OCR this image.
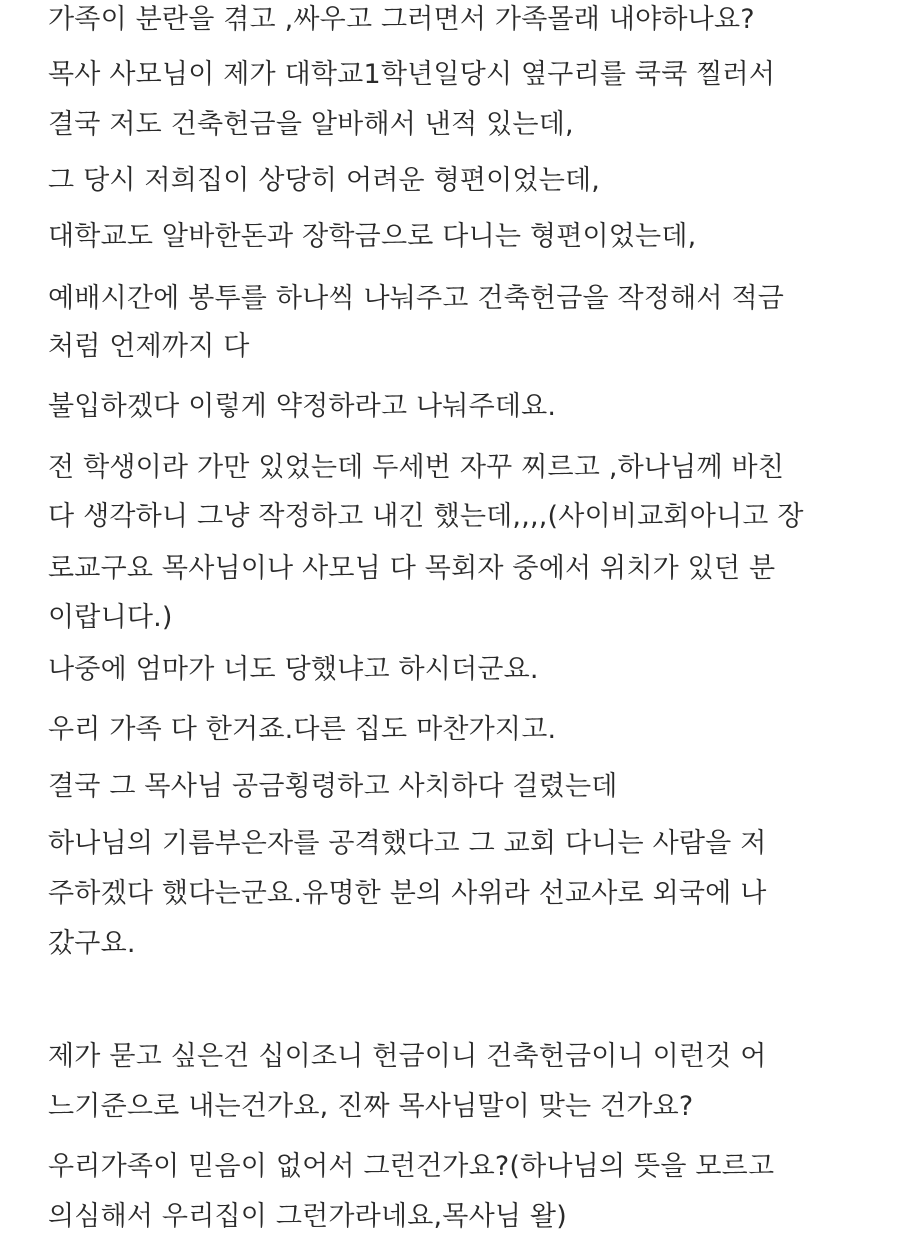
가족이 분란을 겪고 ,싸우고 그러면서 가족몰래 내야하나요?
목사 사모님이 제가 대학교1학년일당시 옆구리를 쿡쿡 찔러서
결국 저도 건축헌금을 알바해서 낸적 있는데,
그 당시 저희집이 상당히 어려운 형편이었는데,
대학교도 알바한돈과 장학금으로 다니는 형편이었는데,
예배시간에 봉투를 하나씩 나눠주고 건축헌금을 작정해서 적금
처럼 언제까지 다
불입하겠다 이렇게 약정하라고 나눠주데요.
전 학생이라 가만 있었는데 두세번 자꾸 찌르고 ,하나님께 바친
다 생각하니 그냥 작정하고 내긴 했는데,,,,(사이비교회아니고 장
로교구요 목사님이나 사모님 다 목회자 중에서 위치가 있던 분
이랍니다.)
나중에 엄마가 너도 당했냐고 하시더군요.
우리 가족 다 한거죠.다른 집도 마찬가지고.
결국 그 목사님 공금횡령하고 사치하다 걸렸는데
하나님의 기름부은자를 공격했다고 그 교회 다니는 사람을 저
주하겠다 했다는군요.유명한 분의 사위라 선교사로 외국에 나
갔구요.
제가 묻고 싶은건 십이조니 헌금이니 건축헌금이니 이런것 어
느기준으로 내는건가요, 진짜 목사님말이 맞는 건가요?
우리가족이 믿음이 없어서 그런건가요?(하나님의 뜻을 모르고
의심해서 우리집이 그런가라네요,목사님 왈)
